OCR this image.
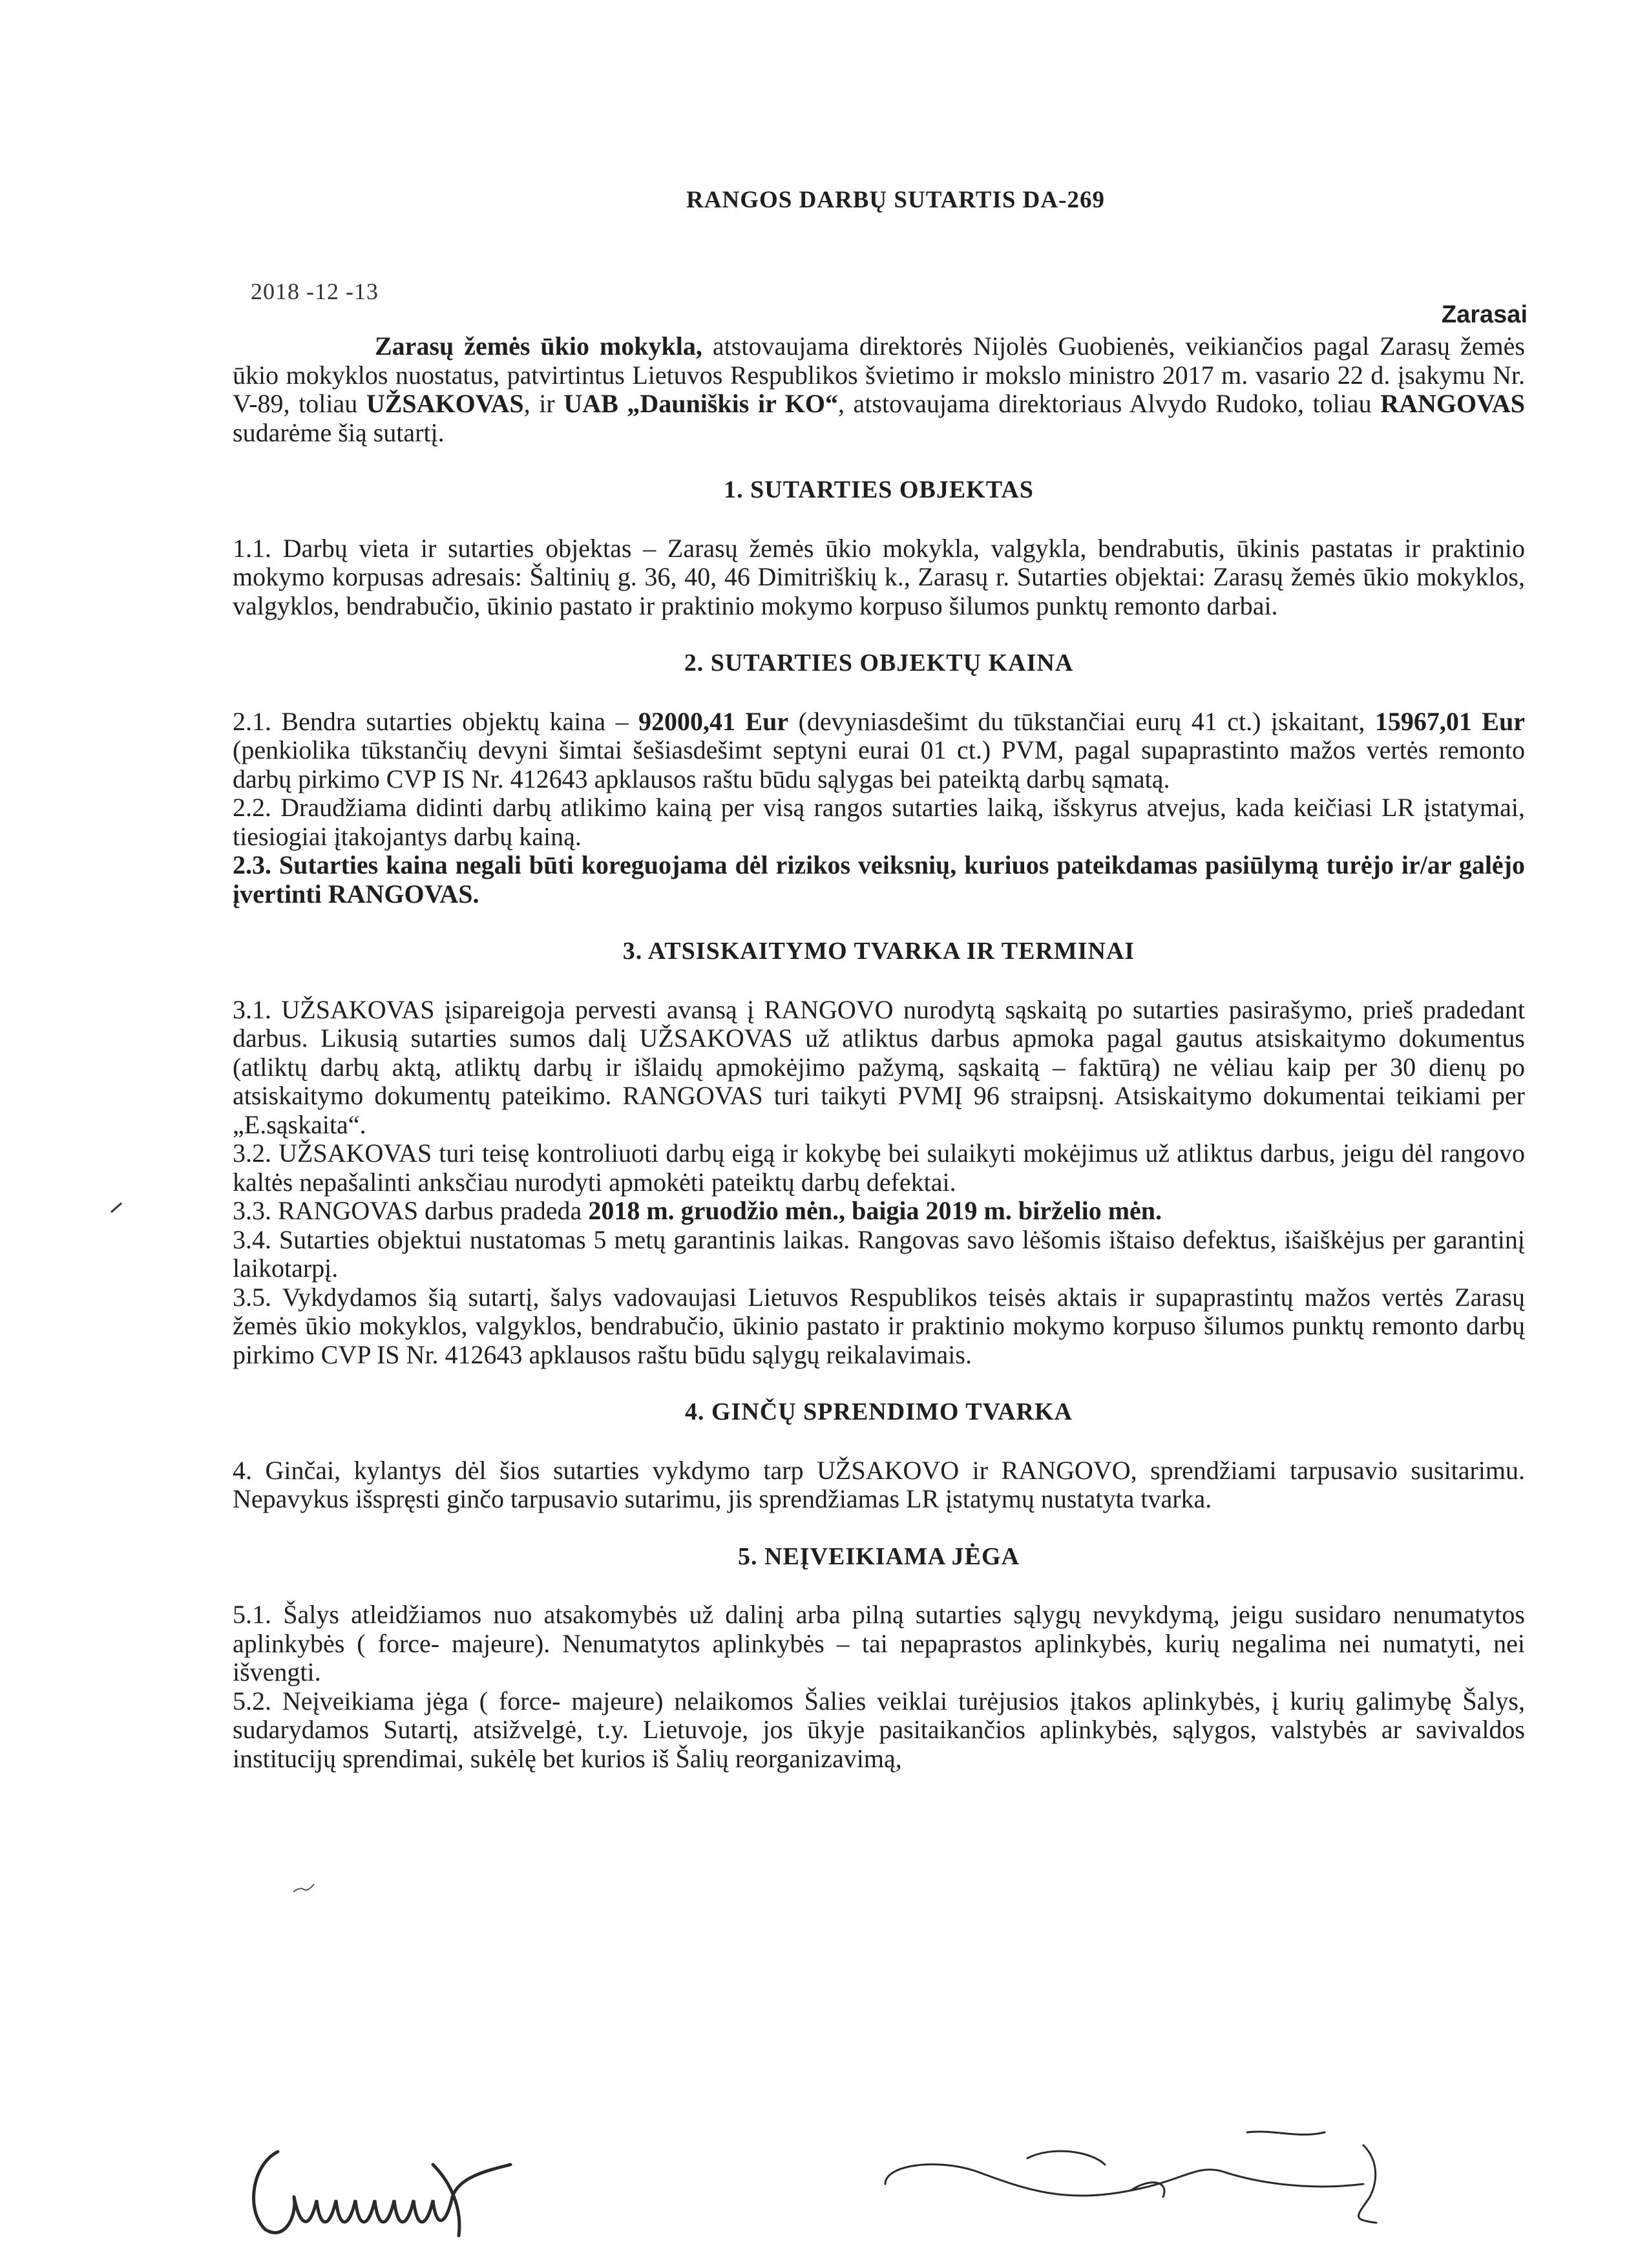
RANGOS DARBŲ SUTARTIS DA-269
2018 -12 -13
Zarasai

Zarasų žemės ūkio mokykla, atstovaujama direktorės Nijolės Guobienės, veikiančios pagal Zarasų žemės ūkio mokyklos nuostatus, patvirtintus Lietuvos Respublikos švietimo ir mokslo ministro 2017 m. vasario 22 d. įsakymu Nr. V-89, toliau UŽSAKOVAS, ir UAB „Dauniškis ir KO“, atstovaujama direktoriaus Alvydo Rudoko, toliau RANGOVAS sudarėme šią sutartį.

1. SUTARTIES OBJEKTAS

1.1. Darbų vieta ir sutarties objektas – Zarasų žemės ūkio mokykla, valgykla, bendrabutis, ūkinis pastatas ir praktinio mokymo korpusas adresais: Šaltinių g. 36, 40, 46 Dimitriškių k., Zarasų r. Sutarties objektai: Zarasų žemės ūkio mokyklos, valgyklos, bendrabučio, ūkinio pastato ir praktinio mokymo korpuso šilumos punktų remonto darbai.

2. SUTARTIES OBJEKTŲ KAINA

2.1. Bendra sutarties objektų kaina – 92000,41 Eur (devyniasdešimt du tūkstančiai eurų 41 ct.) įskaitant, 15967,01 Eur (penkiolika tūkstančių devyni šimtai šešiasdešimt septyni eurai 01 ct.) PVM, pagal supaprastinto mažos vertės remonto darbų pirkimo CVP IS Nr. 412643 apklausos raštu būdu sąlygas bei pateiktą darbų sąmatą.

2.2. Draudžiama didinti darbų atlikimo kainą per visą rangos sutarties laiką, išskyrus atvejus, kada keičiasi LR įstatymai, tiesiogiai įtakojantys darbų kainą.

2.3. Sutarties kaina negali būti koreguojama dėl rizikos veiksnių, kuriuos pateikdamas pasiūlymą turėjo ir/ar galėjo įvertinti RANGOVAS.

3. ATSISKAITYMO TVARKA IR TERMINAI

3.1. UŽSAKOVAS įsipareigoja pervesti avansą į RANGOVO nurodytą sąskaitą po sutarties pasirašymo, prieš pradedant darbus. Likusią sutarties sumos dalį UŽSAKOVAS už atliktus darbus apmoka pagal gautus atsiskaitymo dokumentus (atliktų darbų aktą, atliktų darbų ir išlaidų apmokėjimo pažymą, sąskaitą – faktūrą) ne vėliau kaip per 30 dienų po atsiskaitymo dokumentų pateikimo. RANGOVAS turi taikyti PVMĮ 96 straipsnį. Atsiskaitymo dokumentai teikiami per „E.sąskaita“.

3.2. UŽSAKOVAS turi teisę kontroliuoti darbų eigą ir kokybę bei sulaikyti mokėjimus už atliktus darbus, jeigu dėl rangovo kaltės nepašalinti anksčiau nurodyti apmokėti pateiktų darbų defektai.

3.3. RANGOVAS darbus pradeda 2018 m. gruodžio mėn., baigia 2019 m. birželio mėn.

3.4. Sutarties objektui nustatomas 5 metų garantinis laikas. Rangovas savo lėšomis ištaiso defektus, išaiškėjus per garantinį laikotarpį.

3.5. Vykdydamos šią sutartį, šalys vadovaujasi Lietuvos Respublikos teisės aktais ir supaprastintų mažos vertės Zarasų žemės ūkio mokyklos, valgyklos, bendrabučio, ūkinio pastato ir praktinio mokymo korpuso šilumos punktų remonto darbų pirkimo CVP IS Nr. 412643 apklausos raštu būdu sąlygų reikalavimais.

4. GINČŲ SPRENDIMO TVARKA

4. Ginčai, kylantys dėl šios sutarties vykdymo tarp UŽSAKOVO ir RANGOVO, sprendžiami tarpusavio susitarimu. Nepavykus išspręsti ginčo tarpusavio sutarimu, jis sprendžiamas LR įstatymų nustatyta tvarka.

5. NEĮVEIKIAMA JĖGA

5.1. Šalys atleidžiamos nuo atsakomybės už dalinį arba pilną sutarties sąlygų nevykdymą, jeigu susidaro nenumatytos aplinkybės ( force- majeure). Nenumatytos aplinkybės – tai nepaprastos aplinkybės, kurių negalima nei numatyti, nei išvengti.

5.2. Neįveikiama jėga ( force- majeure) nelaikomos Šalies veiklai turėjusios įtakos aplinkybės, į kurių galimybę Šalys, sudarydamos Sutartį, atsižvelgė, t.y. Lietuvoje, jos ūkyje pasitaikančios aplinkybės, sąlygos, valstybės ar savivaldos institucijų sprendimai, sukėlę bet kurios iš Šalių reorganizavimą,
